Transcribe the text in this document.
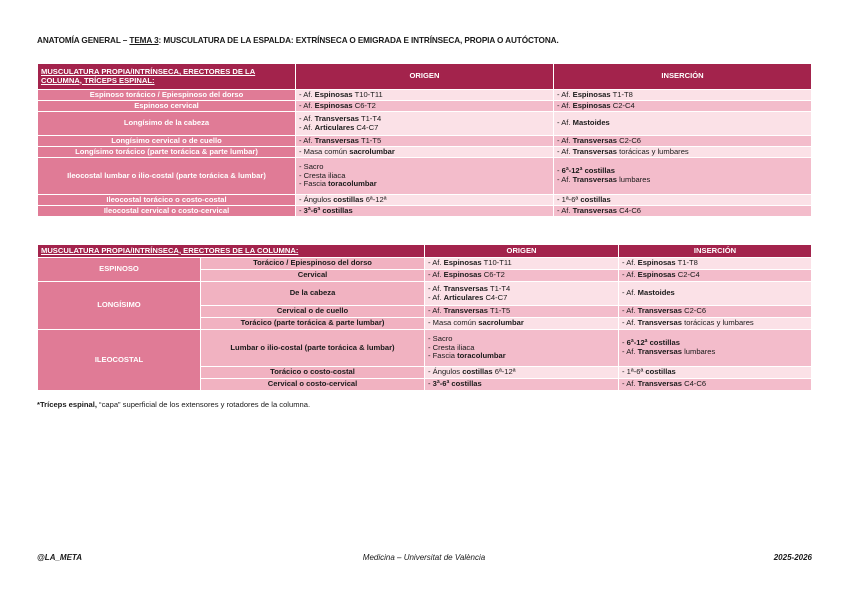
ANATOMÍA GENERAL – TEMA 3: MUSCULATURA DE LA ESPALDA: EXTRÍNSECA O EMIGRADA E INTRÍNSECA, PROPIA O AUTÓCTONA.
MUSCULATURA PROPIA/INTRÍNSECA, ERECTORES DE LA COLUMNA, TRÍCEPS ESPINAL:	ORIGEN	INSERCIÓN
Espinoso torácico / Epiespinoso del dorso	- Af. Espinosas T10-T11	- Af. Espinosas T1-T8

Espinoso cervical	- Af. Espinosas C6-T2	- Af. Espinosas C2-C4

Longísimo de la cabeza	- Af. Transversas T1-T4
- Af. Articulares C4-C7	- Af. Mastoides

Longísimo cervical o de cuello	- Af. Transversas T1-T5	- Af. Transversas C2-C6

Longísimo torácico (parte torácica & parte lumbar)	- Masa común sacrolumbar	- Af. Transversas torácicas y lumbares

Ileocostal lumbar o ilio-costal (parte torácica & lumbar)	- Sacro
- Cresta iliaca
- Fascia toracolumbar	- 6ª-12ª costillas
- Af. Transversas lumbares

Ileocostal torácico o costo-costal	- Ángulos costillas 6ª-12ª	- 1ª-6ª costillas

Ileocostal cervical o costo-cervical	- 3ª-6ª costillas	- Af. Transversas C4-C6
MUSCULATURA PROPIA/INTRÍNSECA, ERECTORES DE LA COLUMNA:		ORIGEN	INSERCIÓN
ESPINOSO	Torácico / Epiespinoso del dorso	- Af. Espinosas T10-T11	- Af. Espinosas T1-T8

	Cervical	- Af. Espinosas C6-T2	- Af. Espinosas C2-C4

LONGÍSIMO	De la cabeza	- Af. Transversas T1-T4
- Af. Articulares C4-C7	- Af. Mastoides

	Cervical o de cuello	- Af. Transversas T1-T5	- Af. Transversas C2-C6

	Torácico (parte torácica & parte lumbar)	- Masa común sacrolumbar	- Af. Transversas torácicas y lumbares

ILEOCOSTAL	Lumbar o ilio-costal (parte torácica & lumbar)	- Sacro
- Cresta iliaca
- Fascia toracolumbar	- 6ª-12ª costillas
- Af. Transversas lumbares

	Torácico o costo-costal	- Ángulos costillas 6ª-12ª	- 1ª-6ª costillas

	Cervical o costo-cervical	- 3ª-6ª costillas	- Af. Transversas C4-C6
*Tríceps espinal, “capa” superficial de los extensores y rotadores de la columna.
@LA_META	Medicina – Universitat de València	2025-2026
